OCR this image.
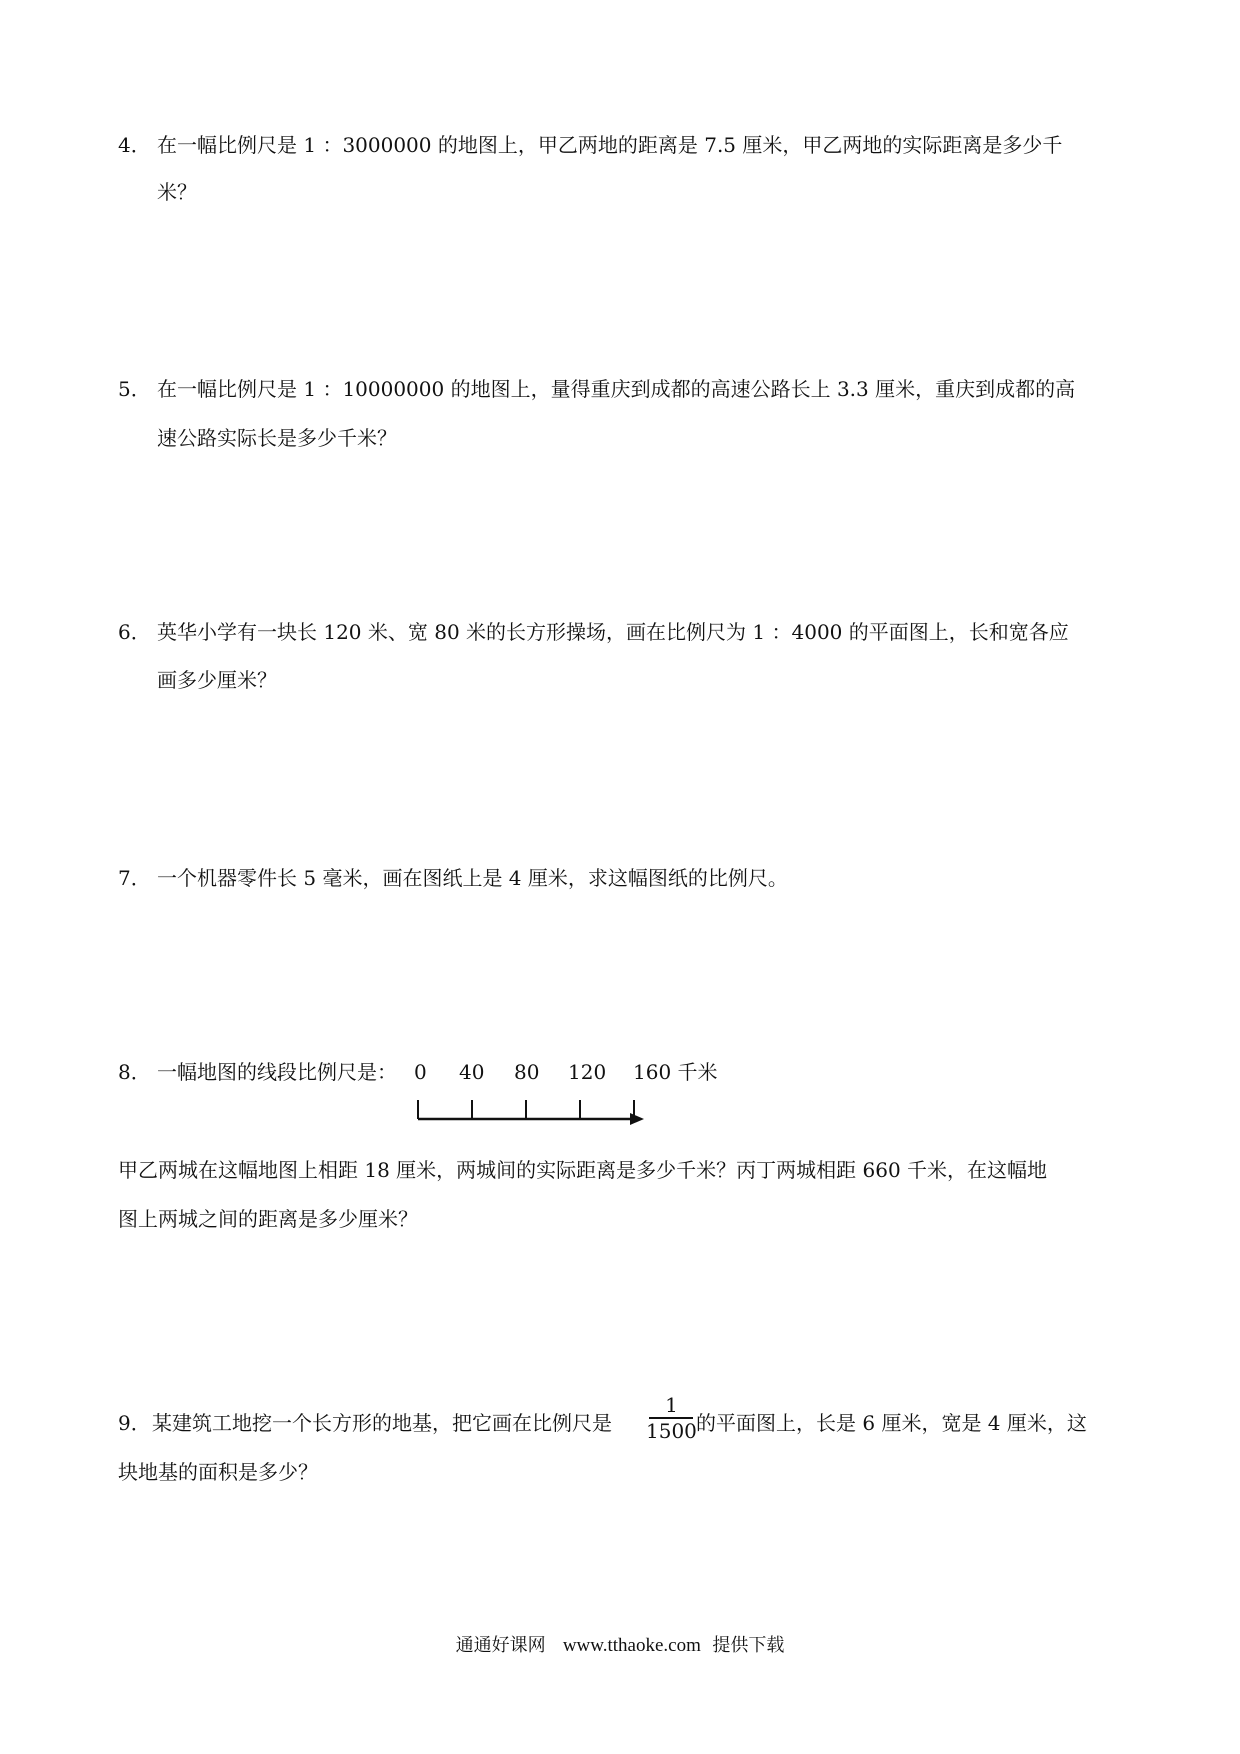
4． 在一幅比例尺是 1 ：3000000 的地图上，甲乙两地的距离是 7.5 厘米，甲乙两地的实际距离是多少千

米？

5． 在一幅比例尺是 1 ：10000000 的地图上，量得重庆到成都的高速公路长上 3.3 厘米，重庆到成都的高

速公路实际长是多少千米？

6． 英华小学有一块长 120 米、宽 80 米的长方形操场，画在比例尺为 1 ：4000 的平面图上，长和宽各应

画多少厘米？

7． 一个机器零件长 5 毫米，画在图纸上是 4 厘米，求这幅图纸的比例尺。

8． 一幅地图的线段比例尺是： 0 40 80 120 160 千米

甲乙两城在这幅地图上相距 18 厘米，两城间的实际距离是多少千米？丙丁两城相距 660 千米，在这幅地

图上两城之间的距离是多少厘米？

9． 某建筑工地挖一个长方形的地基，把它画在比例尺是

1
1500 的平面图上，长是 6 厘米，宽是 4 厘米，这

块地基的面积是多少？

通通好课网 www.tthaoke.com 提供下载
